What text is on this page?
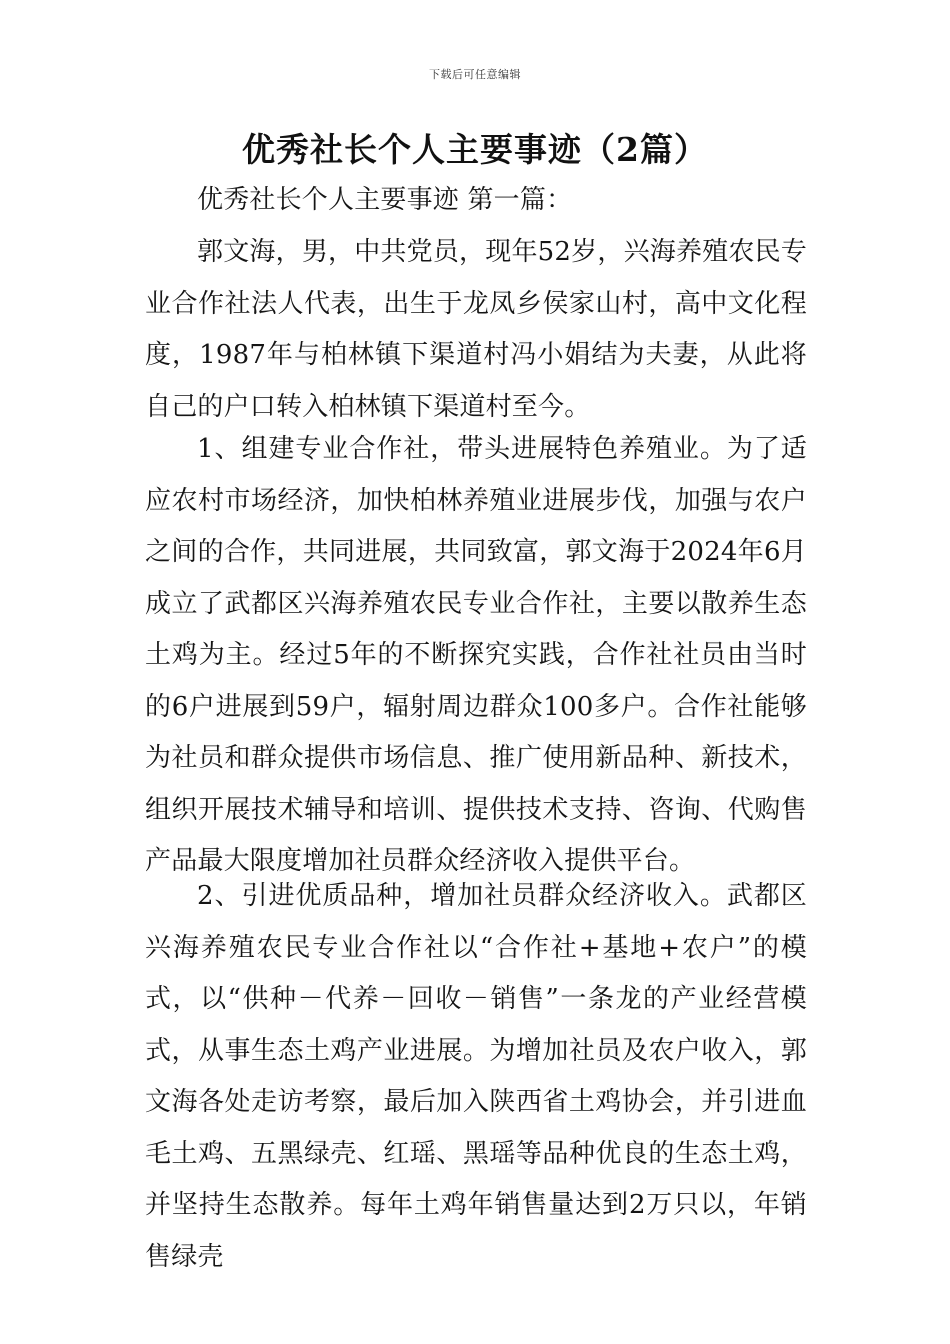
下载后可任意编辑
优秀社长个人主要事迹（2篇）
优秀社长个人主要事迹 第一篇：

郭文海，男，中共党员，现年52岁，兴海养殖农民专业合作社法人代表，出生于龙凤乡侯家山村，高中文化程度，1987年与柏林镇下渠道村冯小娟结为夫妻，从此将自己的户口转入柏林镇下渠道村至今。

1、组建专业合作社，带头进展特色养殖业。为了适应农村市场经济，加快柏林养殖业进展步伐，加强与农户之间的合作，共同进展，共同致富，郭文海于2024年6月成立了武都区兴海养殖农民专业合作社，主要以散养生态土鸡为主。经过5年的不断探究实践，合作社社员由当时的6户进展到59户，辐射周边群众100多户。合作社能够为社员和群众提供市场信息、推广使用新品种、新技术，组织开展技术辅导和培训、提供技术支持、咨询、代购售产品最大限度增加社员群众经济收入提供平台。

2、引进优质品种，增加社员群众经济收入。武都区兴海养殖农民专业合作社以“合作社+基地+农户”的模式，以“供种－代养－回收－销售”一条龙的产业经营模式，从事生态土鸡产业进展。为增加社员及农户收入，郭文海各处走访考察，最后加入陕西省土鸡协会，并引进血毛土鸡、五黑绿壳、红瑶、黑瑶等品种优良的生态土鸡，并坚持生态散养。每年土鸡年销售量达到2万只以，年销售绿壳
